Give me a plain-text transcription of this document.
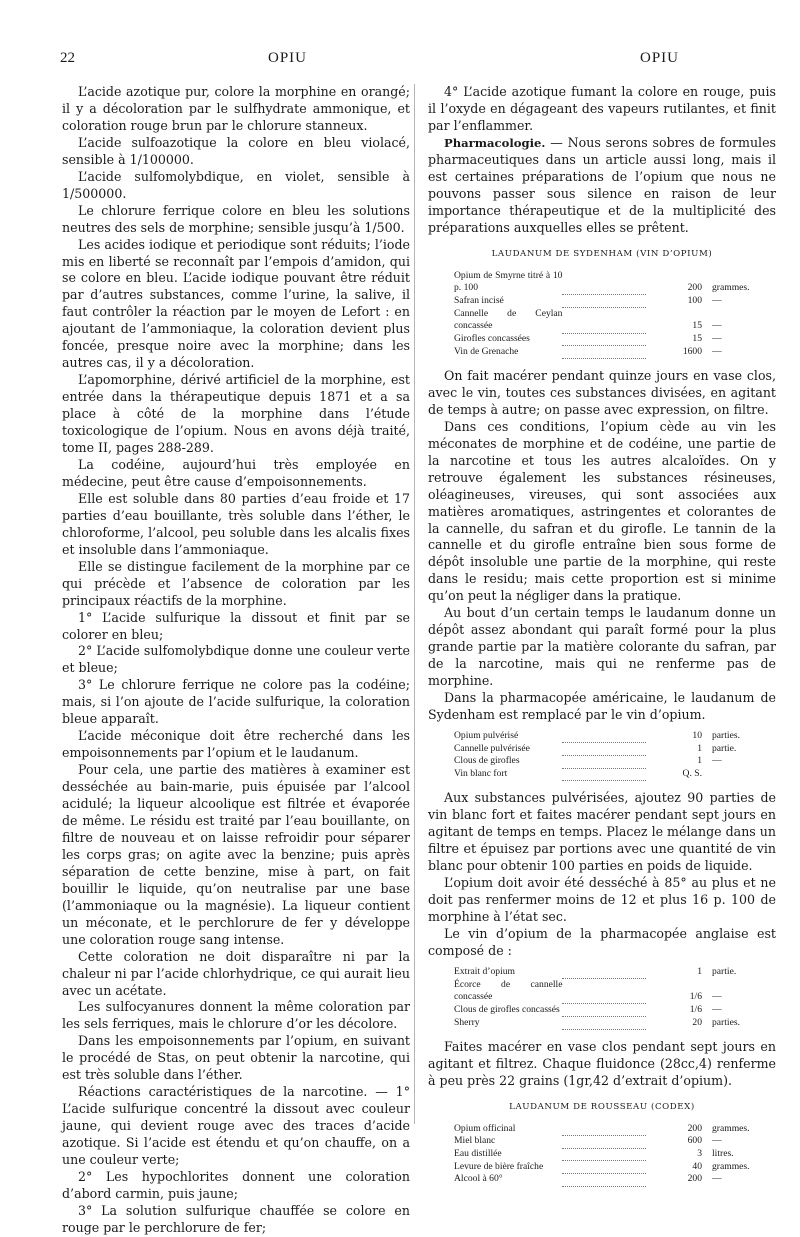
22	OPIU	OPIU

L’acide azotique pur, colore la morphine en orangé; il y a décoloration par le sulfhydrate ammonique, et coloration rouge brun par le chlorure stanneux.

L’acide sulfoazotique la colore en bleu violacé, sensible à 1/100000.

L’acide sulfomolybdique, en violet, sensible à 1/500000.

Le chlorure ferrique colore en bleu les solutions neutres des sels de morphine; sensible jusqu’à 1/500.

Les acides iodique et periodique sont réduits; l’iode mis en liberté se reconnaît par l’empois d’amidon, qui se colore en bleu. L’acide iodique pouvant être réduit par d’autres substances, comme l’urine, la salive, il faut contrôler la réaction par le moyen de Lefort : en ajoutant de l’ammoniaque, la coloration devient plus foncée, presque noire avec la morphine; dans les autres cas, il y a décoloration.

L’apomorphine, dérivé artificiel de la morphine, est entrée dans la thérapeutique depuis 1871 et a sa place à côté de la morphine dans l’étude toxicologique de l’opium. Nous en avons déjà traité, tome II, pages 288-289.

La codéine, aujourd’hui très employée en médecine, peut être cause d’empoisonnements.

Elle est soluble dans 80 parties d’eau froide et 17 parties d’eau bouillante, très soluble dans l’éther, le chloroforme, l’alcool, peu soluble dans les alcalis fixes et insoluble dans l’ammoniaque.

Elle se distingue facilement de la morphine par ce qui précède et l’absence de coloration par les principaux réactifs de la morphine.

1° L’acide sulfurique la dissout et finit par se colorer en bleu;

2° L’acide sulfomolybdique donne une couleur verte et bleue;

3° Le chlorure ferrique ne colore pas la codéine; mais, si l’on ajoute de l’acide sulfurique, la coloration bleue apparaît.

L’acide méconique doit être recherché dans les empoisonnements par l’opium et le laudanum.

Pour cela, une partie des matières à examiner est desséchée au bain-marie, puis épuisée par l’alcool acidulé; la liqueur alcoolique est filtrée et évaporée de même. Le résidu est traité par l’eau bouillante, on filtre de nouveau et on laisse refroidir pour séparer les corps gras; on agite avec la benzine; puis après séparation de cette benzine, mise à part, on fait bouillir le liquide, qu’on neutralise par une base (l’ammoniaque ou la magnésie). La liqueur contient un méconate, et le perchlorure de fer y développe une coloration rouge sang intense.

Cette coloration ne doit disparaître ni par la chaleur ni par l’acide chlorhydrique, ce qui aurait lieu avec un acétate.

Les sulfocyanures donnent la même coloration par les sels ferriques, mais le chlorure d’or les décolore.

Dans les empoisonnements par l’opium, en suivant le procédé de Stas, on peut obtenir la narcotine, qui est très soluble dans l’éther.

Réactions caractéristiques de la narcotine. — 1° L’acide sulfurique concentré la dissout avec couleur jaune, qui devient rouge avec des traces d’acide azotique. Si l’acide est étendu et qu’on chauffe, on a une couleur verte;

2° Les hypochlorites donnent une coloration d’abord carmin, puis jaune;

3° La solution sulfurique chauffée se colore en rouge par le perchlorure de fer;

4° L’acide azotique fumant la colore en rouge, puis il l’oxyde en dégageant des vapeurs rutilantes, et finit par l’enflammer.

Pharmacologie. — Nous serons sobres de formules pharmaceutiques dans un article aussi long, mais il est certaines préparations de l’opium que nous ne pouvons passer sous silence en raison de leur importance thérapeutique et de la multiplicité des préparations auxquelles elles se prêtent.

LAUDANUM DE SYDENHAM (VIN D’OPIUM)
Opium de Smyrne titré à 10 p. 100		200	grammes.
Safran incisé		100	—
Cannelle de Ceylan concassée		15	—
Girofles concassées		15	—
Vin de Grenache		1600	—

On fait macérer pendant quinze jours en vase clos, avec le vin, toutes ces substances divisées, en agitant de temps à autre; on passe avec expression, on filtre.

Dans ces conditions, l’opium cède au vin les méconates de morphine et de codéine, une partie de la narcotine et tous les autres alcaloïdes. On y retrouve également les substances résineuses, oléagineuses, vireuses, qui sont associées aux matières aromatiques, astringentes et colorantes de la cannelle, du safran et du girofle. Le tannin de la cannelle et du girofle entraîne bien sous forme de dépôt insoluble une partie de la morphine, qui reste dans le residu; mais cette proportion est si minime qu’on peut la négliger dans la pratique.

Au bout d’un certain temps le laudanum donne un dépôt assez abondant qui paraît formé pour la plus grande partie par la matière colorante du safran, par de la narcotine, mais qui ne renferme pas de morphine.

Dans la pharmacopée américaine, le laudanum de Sydenham est remplacé par le vin d’opium.

Opium pulvérisé		10	parties.
Cannelle pulvérisée		1	partie.
Clous de girofles		1	—
Vin blanc fort		Q. S.	

Aux substances pulvérisées, ajoutez 90 parties de vin blanc fort et faites macérer pendant sept jours en agitant de temps en temps. Placez le mélange dans un filtre et épuisez par portions avec une quantité de vin blanc pour obtenir 100 parties en poids de liquide.

L’opium doit avoir été desséché à 85° au plus et ne doit pas renfermer moins de 12 et plus 16 p. 100 de morphine à l’état sec.

Le vin d’opium de la pharmacopée anglaise est composé de :

Extrait d’opium		1	partie.
Écorce de cannelle concassée		1/6	—
Clous de girofles concassés		1/6	—
Sherry		20	parties.

Faites macérer en vase clos pendant sept jours en agitant et filtrez. Chaque fluidonce (28cc,4) renferme à peu près 22 grains (1gr,42 d’extrait d’opium).

LAUDANUM DE ROUSSEAU (CODEX)
Opium officinal		200	grammes.
Miel blanc		600	—
Eau distillée		3	litres.
Levure de bière fraîche		40	grammes.
Alcool à 60°		200	—
